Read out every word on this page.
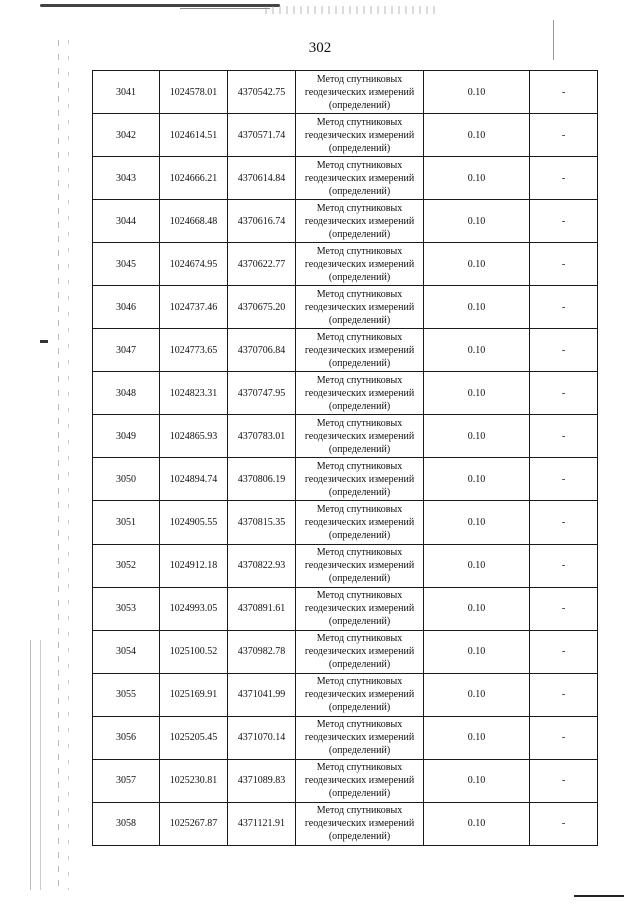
302
3041	1024578.01	4370542.75	Метод спутниковых
геодезических измерений
(определений)	0.10	-
3042	1024614.51	4370571.74	Метод спутниковых
геодезических измерений
(определений)	0.10	-
3043	1024666.21	4370614.84	Метод спутниковых
геодезических измерений
(определений)	0.10	-
3044	1024668.48	4370616.74	Метод спутниковых
геодезических измерений
(определений)	0.10	-
3045	1024674.95	4370622.77	Метод спутниковых
геодезических измерений
(определений)	0.10	-
3046	1024737.46	4370675.20	Метод спутниковых
геодезических измерений
(определений)	0.10	-
3047	1024773.65	4370706.84	Метод спутниковых
геодезических измерений
(определений)	0.10	-
3048	1024823.31	4370747.95	Метод спутниковых
геодезических измерений
(определений)	0.10	-
3049	1024865.93	4370783.01	Метод спутниковых
геодезических измерений
(определений)	0.10	-
3050	1024894.74	4370806.19	Метод спутниковых
геодезических измерений
(определений)	0.10	-
3051	1024905.55	4370815.35	Метод спутниковых
геодезических измерений
(определений)	0.10	-
3052	1024912.18	4370822.93	Метод спутниковых
геодезических измерений
(определений)	0.10	-
3053	1024993.05	4370891.61	Метод спутниковых
геодезических измерений
(определений)	0.10	-
3054	1025100.52	4370982.78	Метод спутниковых
геодезических измерений
(определений)	0.10	-
3055	1025169.91	4371041.99	Метод спутниковых
геодезических измерений
(определений)	0.10	-
3056	1025205.45	4371070.14	Метод спутниковых
геодезических измерений
(определений)	0.10	-
3057	1025230.81	4371089.83	Метод спутниковых
геодезических измерений
(определений)	0.10	-
3058	1025267.87	4371121.91	Метод спутниковых
геодезических измерений
(определений)	0.10	-
